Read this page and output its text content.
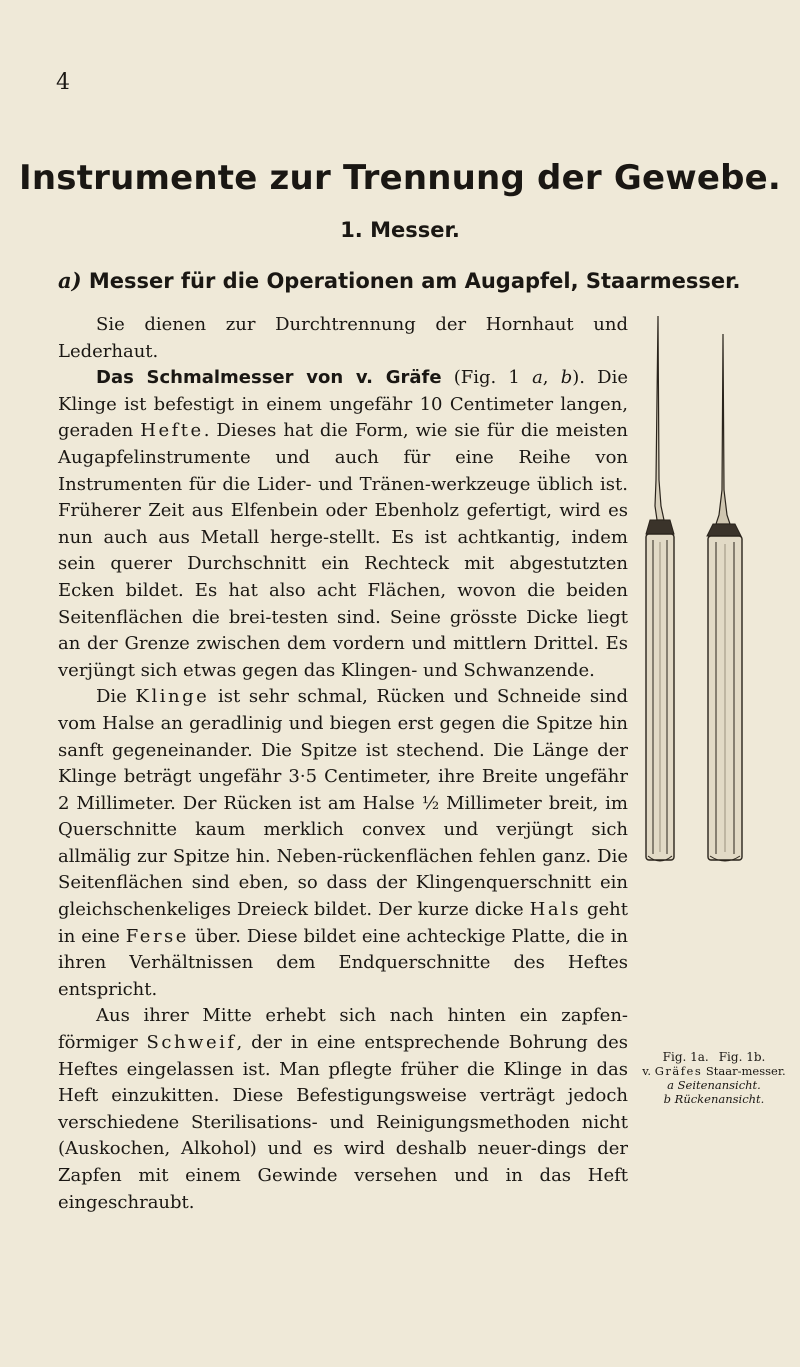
4
Instrumente zur Trennung der Gewebe.
1. Messer.
a) Messer für die Operationen am Augapfel, Staarmesser.

Sie dienen zur Durchtrennung der Hornhaut und Lederhaut.

Das Schmalmesser von v. Gräfe (Fig. 1 a, b). Die Klinge ist befestigt in einem ungefähr 10 Centimeter langen, geraden Hefte. Dieses hat die Form, wie sie für die meisten Augapfelinstrumente und auch für eine Reihe von Instrumenten für die Lider- und Tränen-werkzeuge üblich ist. Früherer Zeit aus Elfenbein oder Ebenholz gefertigt, wird es nun auch aus Metall herge-stellt. Es ist achtkantig, indem sein querer Durchschnitt ein Rechteck mit abgestutzten Ecken bildet. Es hat also acht Flächen, wovon die beiden Seitenflächen die brei-testen sind. Seine grösste Dicke liegt an der Grenze zwischen dem vordern und mittlern Drittel. Es verjüngt sich etwas gegen das Klingen- und Schwanzende.

Die Klinge ist sehr schmal, Rücken und Schneide sind vom Halse an geradlinig und biegen erst gegen die Spitze hin sanft gegeneinander. Die Spitze ist stechend. Die Länge der Klinge beträgt ungefähr 3·5 Centimeter, ihre Breite ungefähr 2 Millimeter. Der Rücken ist am Halse ½ Millimeter breit, im Querschnitte kaum merklich convex und verjüngt sich allmälig zur Spitze hin. Neben-rückenflächen fehlen ganz. Die Seitenflächen sind eben, so dass der Klingenquerschnitt ein gleichschenkeliges Dreieck bildet. Der kurze dicke Hals geht in eine Ferse über. Diese bildet eine achteckige Platte, die in ihren Verhältnissen dem Endquerschnitte des Heftes entspricht.

Aus ihrer Mitte erhebt sich nach hinten ein zapfen-förmiger Schweif, der in eine entsprechende Bohrung des Heftes eingelassen ist. Man pflegte früher die Klinge in das Heft einzukitten. Diese Befestigungsweise verträgt jedoch verschiedene Sterilisations- und Reinigungsmethoden nicht (Auskochen, Alkohol) und es wird deshalb neuer-dings der Zapfen mit einem Gewinde versehen und in das Heft eingeschraubt.

Fig. 1a. Fig. 1b.
v. Gräfes Staar-messer.
a Seitenansicht.
b Rückenansicht.
